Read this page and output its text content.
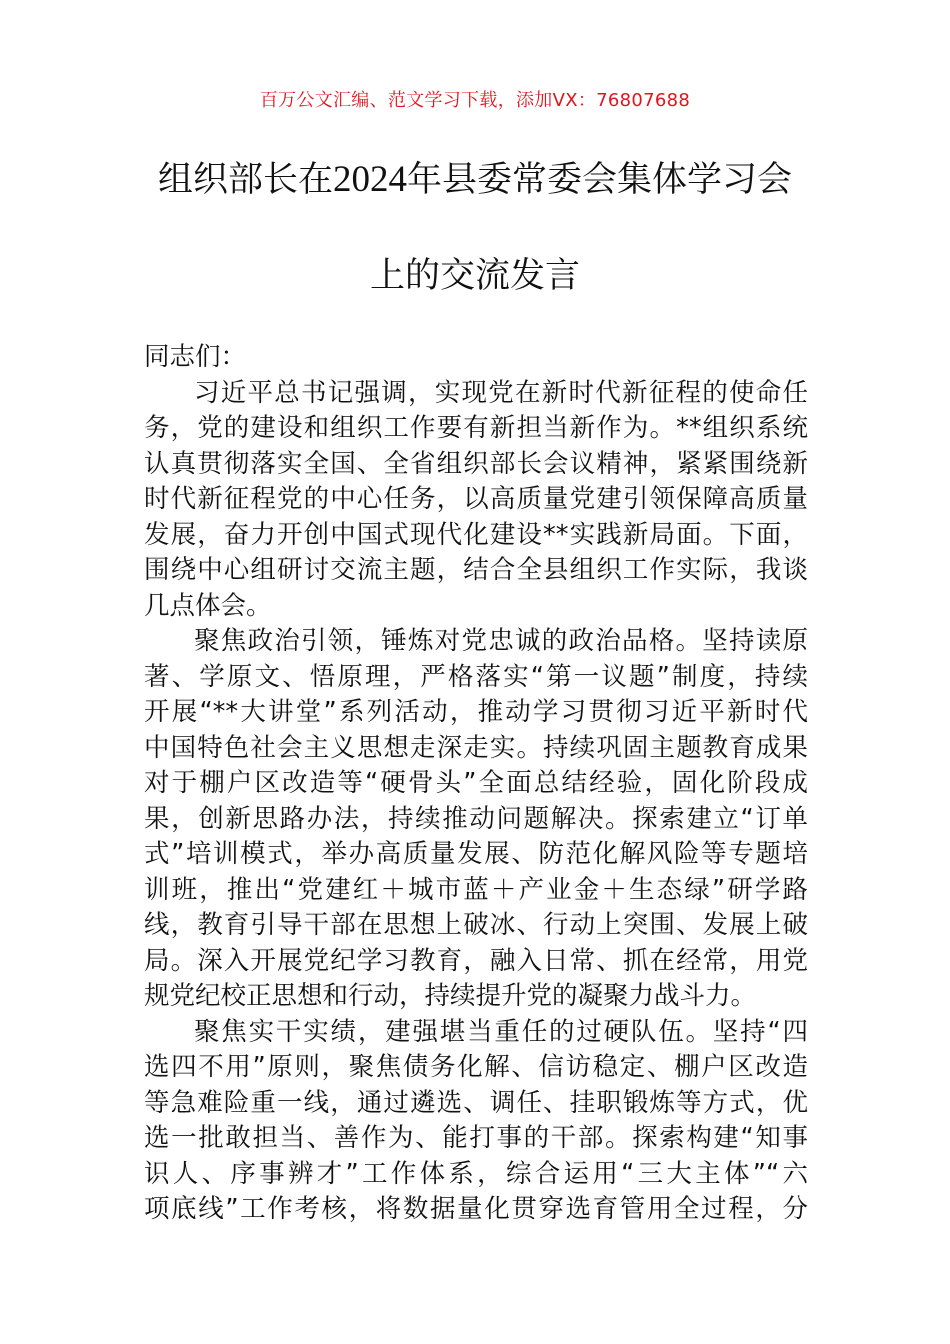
百万公文汇编、范文学习下载，添加VX：76807688
组织部长在2024年县委常委会集体学习会
上的交流发言
同志们：
习近平总书记强调，实现党在新时代新征程的使命任
务，党的建设和组织工作要有新担当新作为。**组织系统
认真贯彻落实全国、全省组织部长会议精神，紧紧围绕新
时代新征程党的中心任务，以高质量党建引领保障高质量
发展，奋力开创中国式现代化建设**实践新局面。下面，
围绕中心组研讨交流主题，结合全县组织工作实际，我谈
几点体会。
聚焦政治引领，锤炼对党忠诚的政治品格。坚持读原
著、学原文、悟原理，严格落实“第一议题”制度，持续
开展“**大讲堂”系列活动，推动学习贯彻习近平新时代
中国特色社会主义思想走深走实。持续巩固主题教育成果
对于棚户区改造等“硬骨头”全面总结经验，固化阶段成
果，创新思路办法，持续推动问题解决。探索建立“订单
式”培训模式，举办高质量发展、防范化解风险等专题培
训班，推出“党建红＋城市蓝＋产业金＋生态绿”研学路
线，教育引导干部在思想上破冰、行动上突围、发展上破
局。深入开展党纪学习教育，融入日常、抓在经常，用党
规党纪校正思想和行动，持续提升党的凝聚力战斗力。
聚焦实干实绩，建强堪当重任的过硬队伍。坚持“四
选四不用”原则，聚焦债务化解、信访稳定、棚户区改造
等急难险重一线，通过遴选、调任、挂职锻炼等方式，优
选一批敢担当、善作为、能打事的干部。探索构建“知事
识人、序事辨才”工作体系，综合运用“三大主体”“六
项底线”工作考核，将数据量化贯穿选育管用全过程，分
